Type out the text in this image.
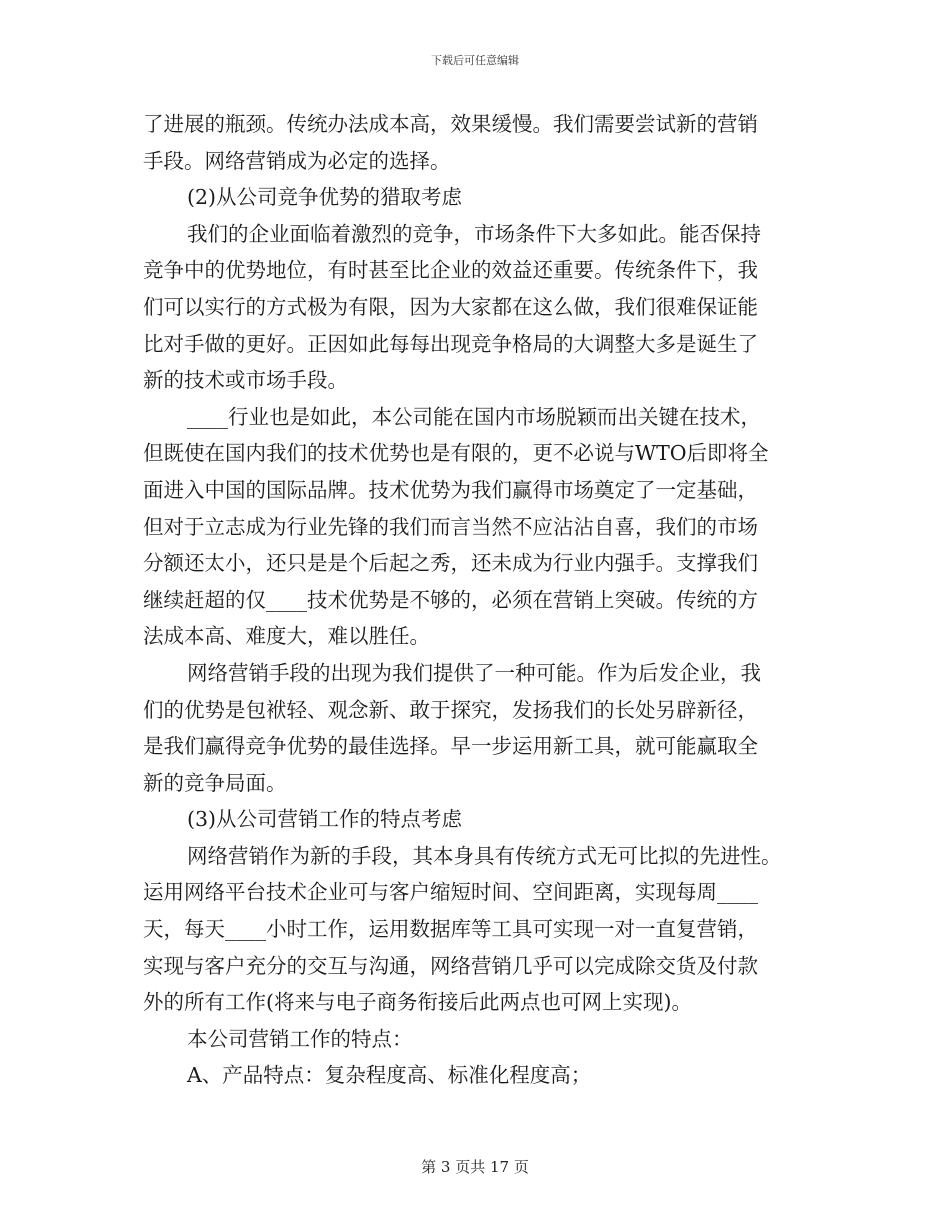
下载后可任意编辑
了进展的瓶颈。传统办法成本高，效果缓慢。我们需要尝试新的营销
手段。网络营销成为必定的选择。
(2)从公司竞争优势的猎取考虑
我们的企业面临着激烈的竞争，市场条件下大多如此。能否保持
竞争中的优势地位，有时甚至比企业的效益还重要。传统条件下，我
们可以实行的方式极为有限，因为大家都在这么做，我们很难保证能
比对手做的更好。正因如此每每出现竞争格局的大调整大多是诞生了
新的技术或市场手段。
____行业也是如此，本公司能在国内市场脱颖而出关键在技术，
但既使在国内我们的技术优势也是有限的，更不必说与WTO后即将全
面进入中国的国际品牌。技术优势为我们赢得市场奠定了一定基础，
但对于立志成为行业先锋的我们而言当然不应沾沾自喜，我们的市场
分额还太小，还只是是个后起之秀，还未成为行业内强手。支撑我们
继续赶超的仅____技术优势是不够的，必须在营销上突破。传统的方
法成本高、难度大，难以胜任。
网络营销手段的出现为我们提供了一种可能。作为后发企业，我
们的优势是包袱轻、观念新、敢于探究，发扬我们的长处另辟新径，
是我们赢得竞争优势的最佳选择。早一步运用新工具，就可能赢取全
新的竞争局面。
(3)从公司营销工作的特点考虑
网络营销作为新的手段，其本身具有传统方式无可比拟的先进性。
运用网络平台技术企业可与客户缩短时间、空间距离，实现每周____
天，每天____小时工作，运用数据库等工具可实现一对一直复营销，
实现与客户充分的交互与沟通，网络营销几乎可以完成除交货及付款
外的所有工作(将来与电子商务衔接后此两点也可网上实现)。
本公司营销工作的特点：
A、产品特点：复杂程度高、标准化程度高；
第 3 页共 17 页
